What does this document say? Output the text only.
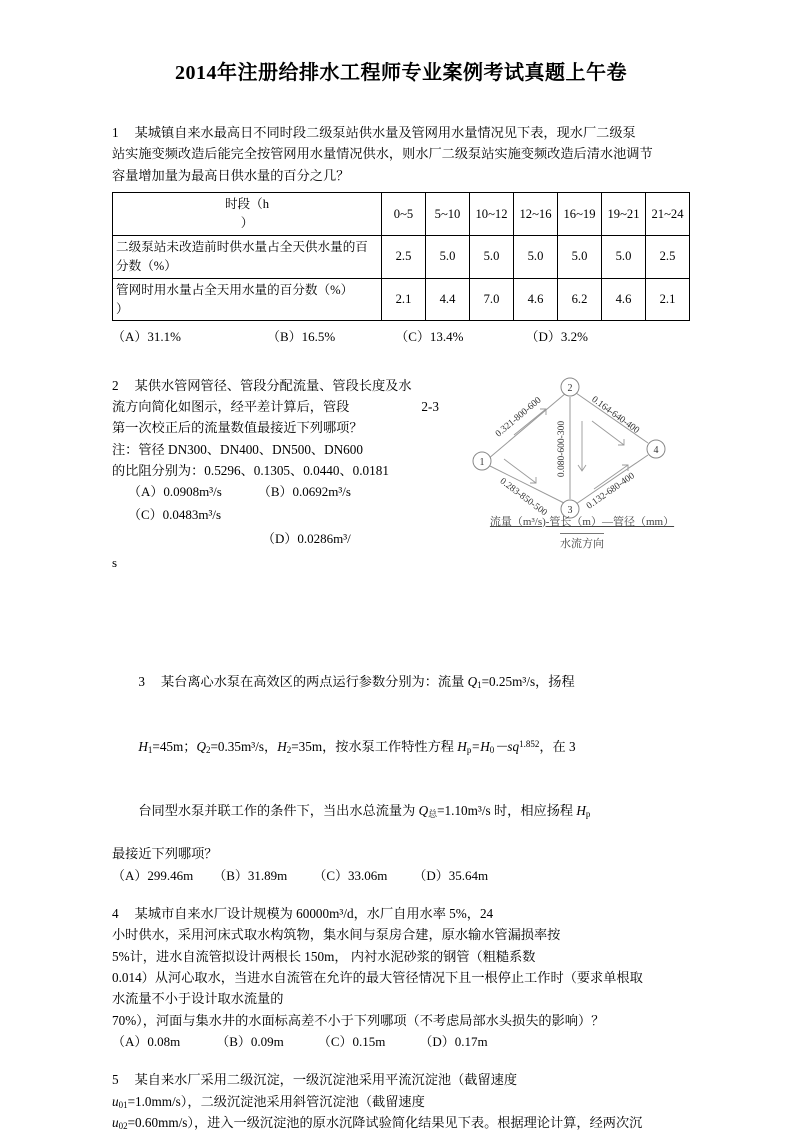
2014年注册给排水工程师专业案例考试真题上午卷
1 某城镇自来水最高日不同时段二级泵站供水量及管网用水量情况见下表，现水厂二级泵
站实施变频改造后能完全按管网用水量情况供水，则水厂二级泵站实施变频改造后清水池调节
容量增加量为最高日供水量的百分之几？
时段（h
）	0~5	5~10	10~12	12~16	16~19	19~21	21~24

二级泵站未改造前时供水量占全天供水量的百
分数（%）	2.5	5.0	5.0	5.0	5.0	5.0	2.5

管网时用水量占全天用水量的百分数（%）
）	2.1	4.4	7.0	4.6	6.2	4.6	2.1
（A）31.1%	（B）16.5%	（C）13.4%	（D）3.2%
2 某供水管网管径、管段分配流量、管段长度及水
流方向简化如图示，经平差计算后，管段	2-3
第一次校正后的流量数值最接近下列哪项？
注：管径 DN300、DN400、DN500、DN600
的比阻分别为：0.5296、0.1305、0.0440、0.0181
（A）0.0908m³/s	（B）0.0692m³/s
（C）0.0483m³/s
（D）0.0286m³/
s
1
2
3
4
0.321-800-600
0.283-850-500
0.080-600-300
0.164-640-400
0.132-680-400
流量（m³/s)-管长（m）—管径（mm）
水流方向

3 某台离心水泵在高效区的两点运行参数分别为：流量 $Q_1=0.25m^3/s$，扬程

$H_1=45m$；$Q_2=0.35m^3/s$，$H_2=35m$，按水泵工作特性方程 $H_p=H_0-sq^{1.852}$，在 3

台同型水泵并联工作的条件下，当出水总流量为 $Q_总=1.10m^3/s$ 时，相应扬程 $H_p$

最接近下列哪项？
（A）299.46m （B）31.89m （C）33.06m （D）35.64m
4 某城市自来水厂设计规模为 60000m³/d，水厂自用水率 5%，24
小时供水，采用河床式取水构筑物，集水间与泵房合建，原水输水管漏损率按
5%计，进水自流管拟设计两根长 150m， 内衬水泥砂浆的钢管（粗糙系数
0.014）从河心取水，当进水自流管在允许的最大管径情况下且一根停止工作时（要求单根取
水流量不小于设计取水流量的
70%），河面与集水井的水面标高差不小于下列哪项（不考虑局部水头损失的影响）？
（A）0.08m	（B）0.09m	（C）0.15m	（D）0.17m
5 某自来水厂采用二级沉淀，一级沉淀池采用平流沉淀池（截留速度
$u_{01}=1.0mm/s$），二级沉淀池采用斜管沉淀池（截留速度
$u_{02}=0.60mm/s$），进入一级沉淀池的原水沉降试验简化结果见下表。根据理论计算，经两次沉
